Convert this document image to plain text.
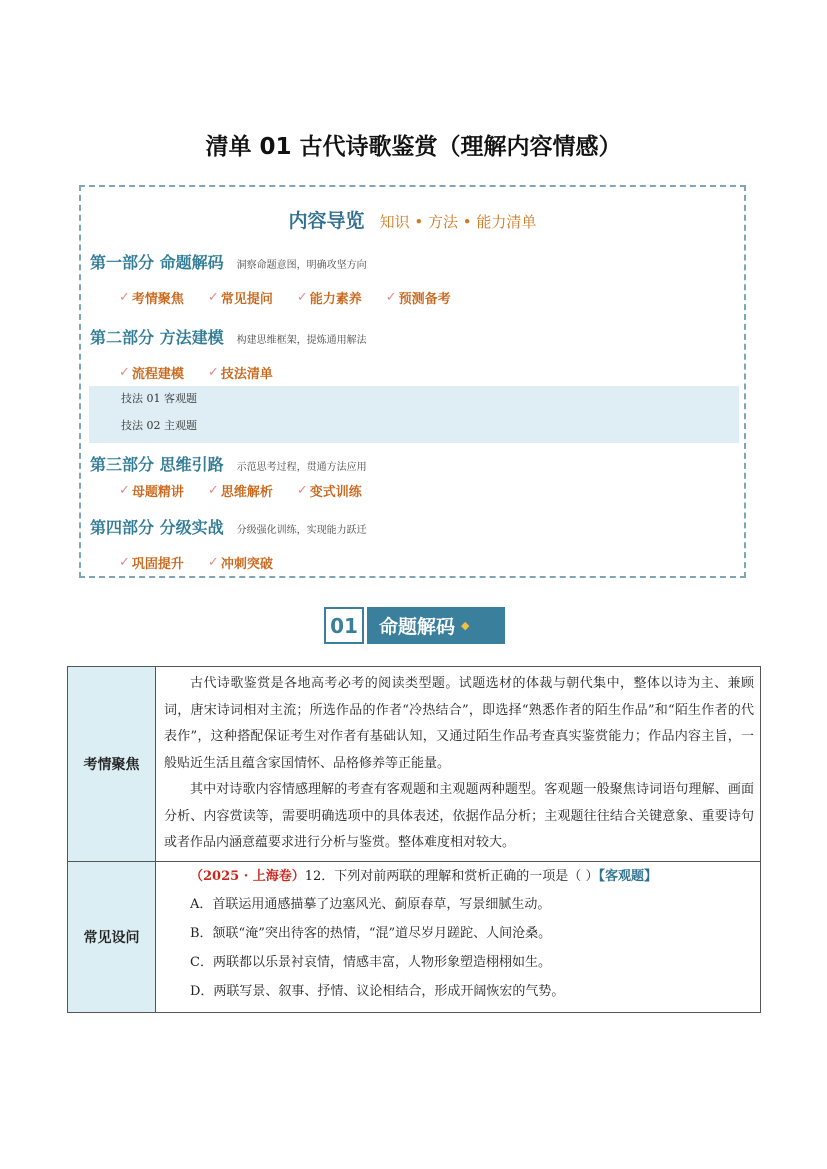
清单 01 古代诗歌鉴赏（理解内容情感）
内容导览 知识 • 方法 • 能力清单
第一部分 命题解码 洞察命题意图，明确攻坚方向
✓ 考情聚焦 ✓ 常见提问 ✓ 能力素养 ✓ 预测备考
第二部分 方法建模 构建思维框架，提炼通用解法
✓ 流程建模 ✓ 技法清单
技法 01 客观题
技法 02 主观题
第三部分 思维引路 示范思考过程，贯通方法应用
✓ 母题精讲 ✓ 思维解析 ✓ 变式训练
第四部分 分级实战 分级强化训练，实现能力跃迁
✓ 巩固提升 ✓ 冲刺突破
01	命题解码 ◆
考情聚焦	古代诗歌鉴赏是各地高考必考的阅读类型题。试题选材的体裁与朝代集中，整体以诗为主、兼顾词，唐宋诗词相对主流；所选作品的作者“冷热结合”，即选择“熟悉作者的陌生作品”和“陌生作者的代表作”，这种搭配保证考生对作者有基础认知，又通过陌生作品考查真实鉴赏能力；作品内容主旨，一般贴近生活且蕴含家国情怀、品格修养等正能量。

其中对诗歌内容情感理解的考查有客观题和主观题两种题型。客观题一般聚焦诗词语句理解、画面分析、内容赏读等，需要明确选项中的具体表述，依据作品分析；主观题往往结合关键意象、重要诗句或者作品内涵意蕴要求进行分析与鉴赏。整体难度相对较大。

常见设问	（2025 · 上海卷）12．下列对前两联的理解和赏析正确的一项是（ ）【客观题】

A．首联运用通感描摹了边塞风光、蓟原春草，写景细腻生动。

B．颔联“淹”突出待客的热情，“混”道尽岁月蹉跎、人间沧桑。

C．两联都以乐景衬哀情，情感丰富，人物形象塑造栩栩如生。

D．两联写景、叙事、抒情、议论相结合，形成开阔恢宏的气势。
